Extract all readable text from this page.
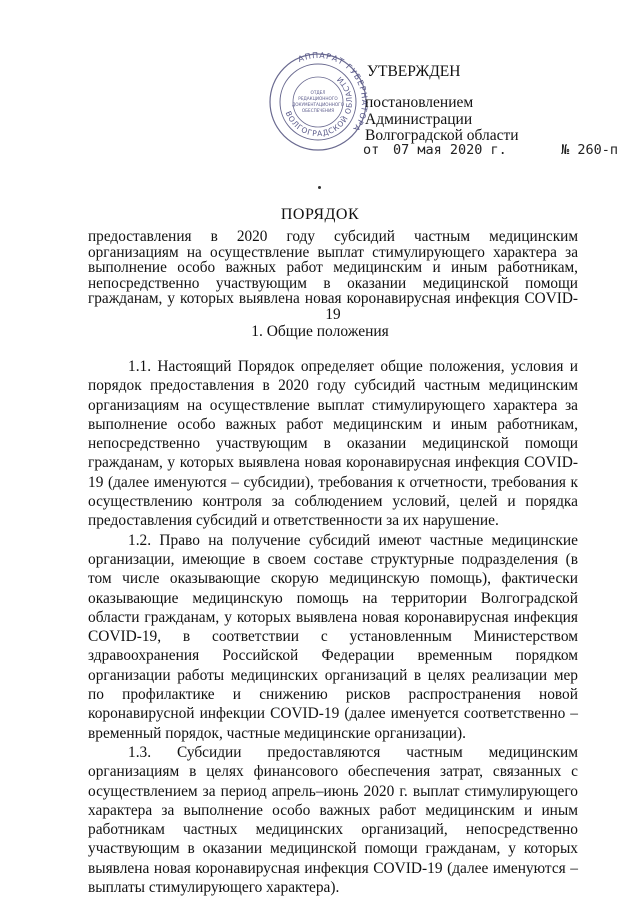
АППАРАТ ГУБЕР ТОРА
ВОЛГОГРАДСКОЙ ОБЛАСТИ
ОТДЕЛ
РЕДАКЦИОННОГО
ДОКУМЕНТАЦИОННОГО
ОБЕСПЕЧЕНИЯ
УТВЕРЖДЕН
постановлением
Администрации
Волгоградской области
от 07 мая 2020 г.	№ 260-п
ПОРЯДОК
предоставления в 2020 году субсидий частным медицинским организациям на осуществление выплат стимулирующего характера за выполнение особо важных работ медицинским и иным работникам, непосредственно участвующим в оказании медицинской помощи гражданам, у которых выявлена новая коронавирусная инфекция COVID-19
1. Общие положения

1.1. Настоящий Порядок определяет общие положения, условия и порядок предоставления в 2020 году субсидий частным медицинским организациям на осуществление выплат стимулирующего характера за выполнение особо важных работ медицинским и иным работникам, непосредственно участвующим в оказании медицинской помощи гражданам, у которых выявлена новая коронавирусная инфекция COVID-19 (далее именуются – субсидии), требования к отчетности, требования к осуществлению контроля за соблюдением условий, целей и порядка предоставления субсидий и ответственности за их нарушение.

1.2. Право на получение субсидий имеют частные медицинские организации, имеющие в своем составе структурные подразделения (в том числе оказывающие скорую медицинскую помощь), фактически оказывающие медицинскую помощь на территории Волгоградской области гражданам, у которых выявлена новая коронавирусная инфекция COVID-19, в соответствии с установленным Министерством здравоохранения Российской Федерации временным порядком организации работы медицинских организаций в целях реализации мер по профилактике и снижению рисков распространения новой коронавирусной инфекции COVID-19 (далее именуется соответственно – временный порядок, частные медицинские организации).

1.3. Субсидии предоставляются частным медицинским организациям в целях финансового обеспечения затрат, связанных с осуществлением за период апрель–июнь 2020 г. выплат стимулирующего характера за выполнение особо важных работ медицинским и иным работникам частных медицинских организаций, непосредственно участвующим в оказании медицинской помощи гражданам, у которых выявлена новая коронавирусная инфекция COVID-19 (далее именуются – выплаты стимулирующего характера).
